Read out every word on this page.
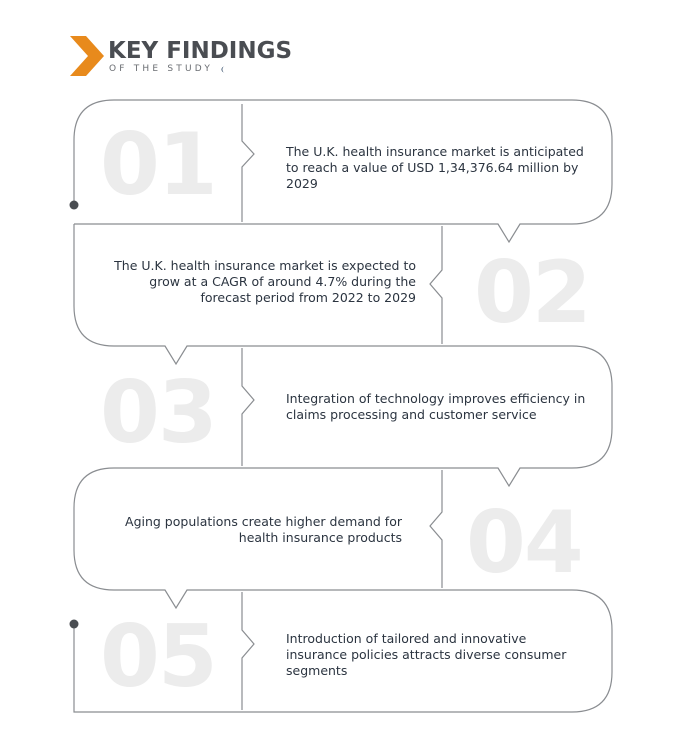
KEY FINDINGS
OF THE STUDY
01	The U.K. health insurance market is anticipated to reach a value of USD 1,34,376.64 million by 2029
02
The U.K. health insurance market is expected to grow at a CAGR of around 4.7% during the forecast period from 2022 to 2029
03	Integration of technology improves efficiency in claims processing and customer service
04
Aging populations create higher demand for health insurance products
05	Introduction of tailored and innovative insurance policies attracts diverse consumer segments
